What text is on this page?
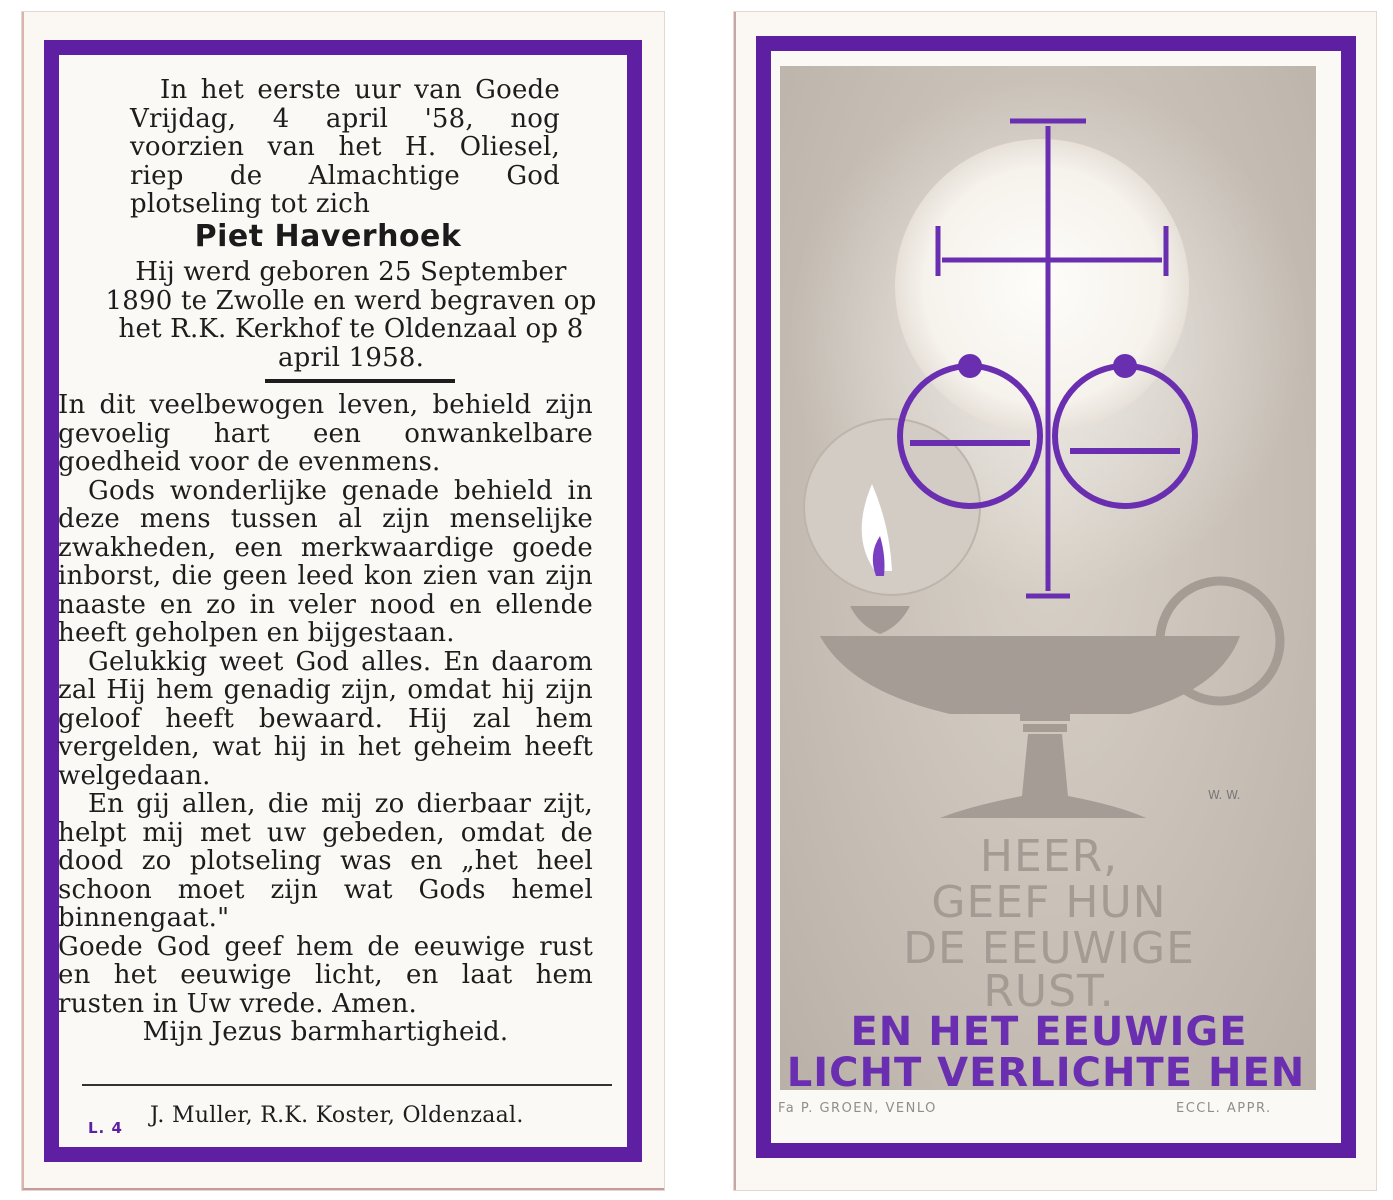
In het eerste uur van Goede Vrijdag, 4 april '58, nog voorzien van het H. Oliesel, riep de Almachtige God plotseling tot zich

Piet Haverhoek

Hij werd geboren 25 September 1890 te Zwolle en werd begraven op het R.K. Kerkhof te Oldenzaal op 8 april 1958.

In dit veelbewogen leven, behield zijn gevoelig hart een onwankelbare goedheid voor de evenmens.

Gods wonderlijke genade behield in deze mens tussen al zijn menselijke zwakheden, een merkwaardige goede inborst, die geen leed kon zien van zijn naaste en zo in veler nood en ellende heeft geholpen en bijgestaan.

Gelukkig weet God alles. En daarom zal Hij hem genadig zijn, omdat hij zijn geloof heeft bewaard. Hij zal hem vergelden, wat hij in het geheim heeft welgedaan.

En gij allen, die mij zo dierbaar zijt, helpt mij met uw gebeden, omdat de dood zo plotseling was en „het heel schoon moet zijn wat Gods hemel binnengaat."

Goede God geef hem de eeuwige rust en het eeuwige licht, en laat hem rusten in Uw vrede. Amen.

Mijn Jezus barmhartigheid.

L. 4 J. Muller, R.K. Koster, Oldenzaal.
W. W.
HEER,
GEEF HUN
DE EEUWIGE
RUST.
EN HET EEUWIGE
LICHT VERLICHTE HEN
Fa P. GROEN, VENLO	ECCL. APPR.
